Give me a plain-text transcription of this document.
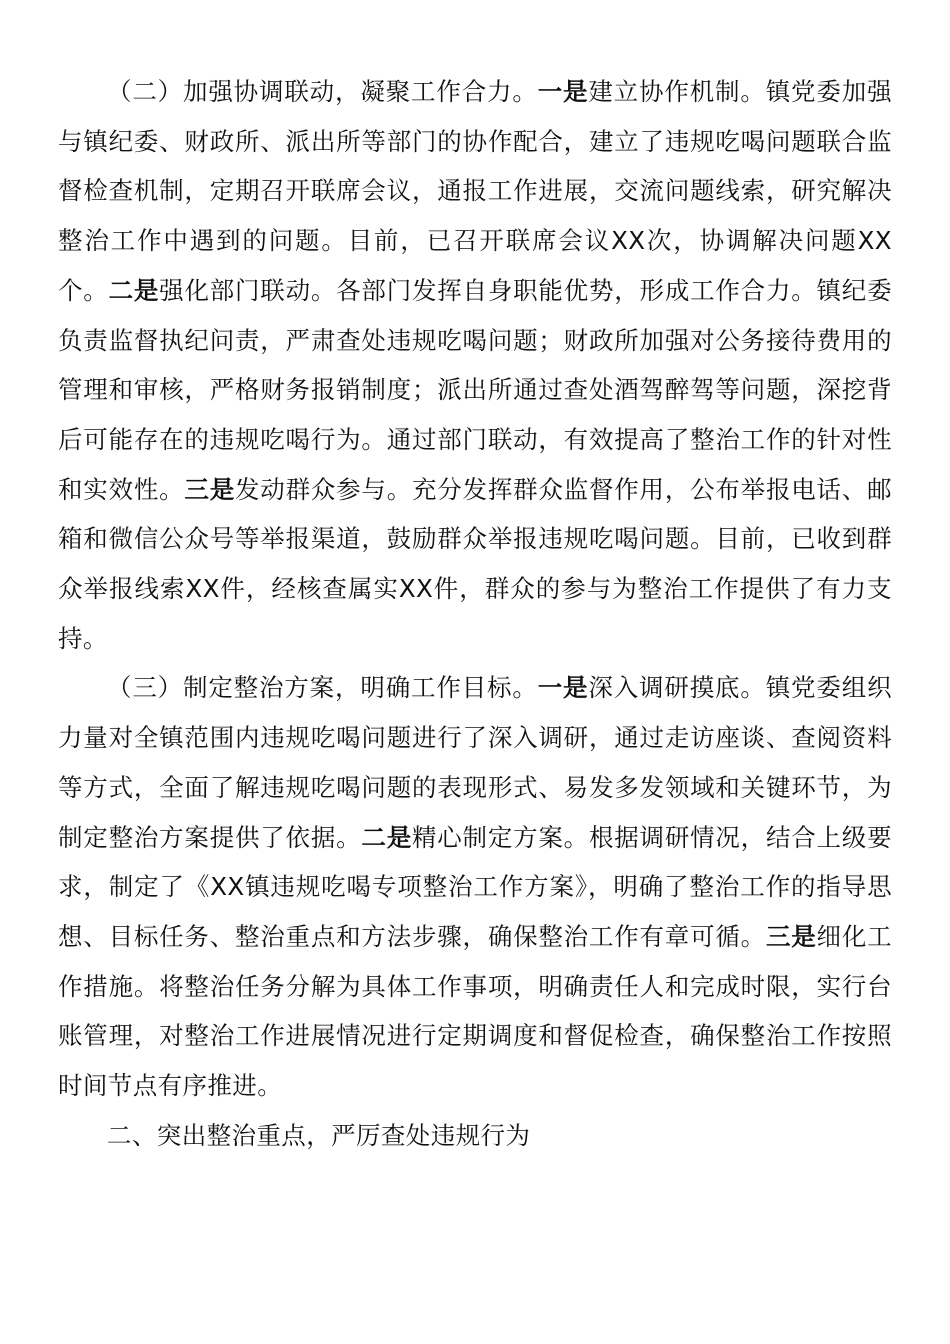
（二）加强协调联动，凝聚工作合力。一是建立协作机制。镇党委加强与镇纪委、财政所、派出所等部门的协作配合，建立了违规吃喝问题联合监督检查机制，定期召开联席会议，通报工作进展，交流问题线索，研究解决整治工作中遇到的问题。目前，已召开联席会议XX次，协调解决问题XX个。二是强化部门联动。各部门发挥自身职能优势，形成工作合力。镇纪委负责监督执纪问责，严肃查处违规吃喝问题；财政所加强对公务接待费用的管理和审核，严格财务报销制度；派出所通过查处酒驾醉驾等问题，深挖背后可能存在的违规吃喝行为。通过部门联动，有效提高了整治工作的针对性和实效性。三是发动群众参与。充分发挥群众监督作用，公布举报电话、邮箱和微信公众号等举报渠道，鼓励群众举报违规吃喝问题。目前，已收到群众举报线索XX件，经核查属实XX件，群众的参与为整治工作提供了有力支持。

（三）制定整治方案，明确工作目标。一是深入调研摸底。镇党委组织力量对全镇范围内违规吃喝问题进行了深入调研，通过走访座谈、查阅资料等方式，全面了解违规吃喝问题的表现形式、易发多发领域和关键环节，为制定整治方案提供了依据。二是精心制定方案。根据调研情况，结合上级要求，制定了《XX镇违规吃喝专项整治工作方案》，明确了整治工作的指导思想、目标任务、整治重点和方法步骤，确保整治工作有章可循。三是细化工作措施。将整治任务分解为具体工作事项，明确责任人和完成时限，实行台账管理，对整治工作进展情况进行定期调度和督促检查，确保整治工作按照时间节点有序推进。

二、突出整治重点，严厉查处违规行为
